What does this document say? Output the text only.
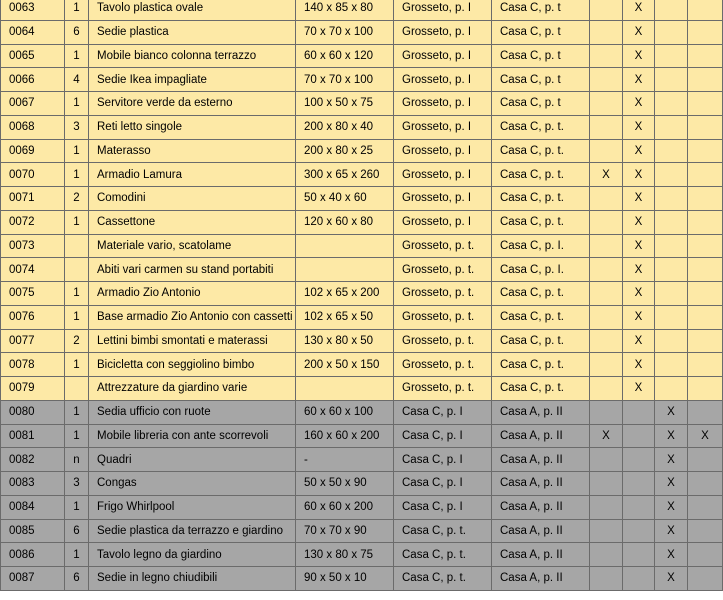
0063	1	Tavolo plastica ovale	140 x 85 x 80	Grosseto, p. I	Casa C, p. t		X		
0064	6	Sedie plastica	70 x 70 x 100	Grosseto, p. I	Casa C, p. t		X		
0065	1	Mobile bianco colonna terrazzo	60 x 60 x 120	Grosseto, p. I	Casa C, p. t		X		
0066	4	Sedie Ikea impagliate	70 x 70 x 100	Grosseto, p. I	Casa C, p. t		X		
0067	1	Servitore verde da esterno	100 x 50 x 75	Grosseto, p. I	Casa C, p. t		X		
0068	3	Reti letto singole	200 x 80 x 40	Grosseto, p. I	Casa C, p. t.		X		
0069	1	Materasso	200 x 80 x 25	Grosseto, p. I	Casa C, p. t.		X		
0070	1	Armadio Lamura	300 x 65 x 260	Grosseto, p. I	Casa C, p. t.	X	X		
0071	2	Comodini	50 x 40 x 60	Grosseto, p. I	Casa C, p. t.		X		
0072	1	Cassettone	120 x 60 x 80	Grosseto, p. I	Casa C, p. t.		X		
0073		Materiale vario, scatolame		Grosseto, p. t.	Casa C, p. I.		X		
0074		Abiti vari carmen su stand portabiti		Grosseto, p. t.	Casa C, p. I.		X		
0075	1	Armadio Zio Antonio	102 x 65 x 200	Grosseto, p. t.	Casa C, p. t.		X		
0076	1	Base armadio Zio Antonio con cassetti	102 x 65 x 50	Grosseto, p. t.	Casa C, p. t.		X		
0077	2	Lettini bimbi smontati e materassi	130 x 80 x 50	Grosseto, p. t.	Casa C, p. t.		X		
0078	1	Bicicletta con seggiolino bimbo	200 x 50 x 150	Grosseto, p. t.	Casa C, p. t.		X		
0079		Attrezzature da giardino varie		Grosseto, p. t.	Casa C, p. t.		X		
0080	1	Sedia ufficio con ruote	60 x 60 x 100	Casa C, p. I	Casa A, p. II			X	
0081	1	Mobile libreria con ante scorrevoli	160 x 60 x 200	Casa C, p. I	Casa A, p. II	X		X	X
0082	n	Quadri	-	Casa C, p. I	Casa A, p. II			X	
0083	3	Congas	50 x 50 x 90	Casa C, p. I	Casa A, p. II			X	
0084	1	Frigo Whirlpool	60 x 60 x 200	Casa C, p. I	Casa A, p. II			X	
0085	6	Sedie plastica da terrazzo e giardino	70 x 70 x 90	Casa C, p. t.	Casa A, p. II			X	
0086	1	Tavolo legno da giardino	130 x 80 x 75	Casa C, p. t.	Casa A, p. II			X	
0087	6	Sedie in legno chiudibili	90 x 50 x 10	Casa C, p. t.	Casa A, p. II			X	
